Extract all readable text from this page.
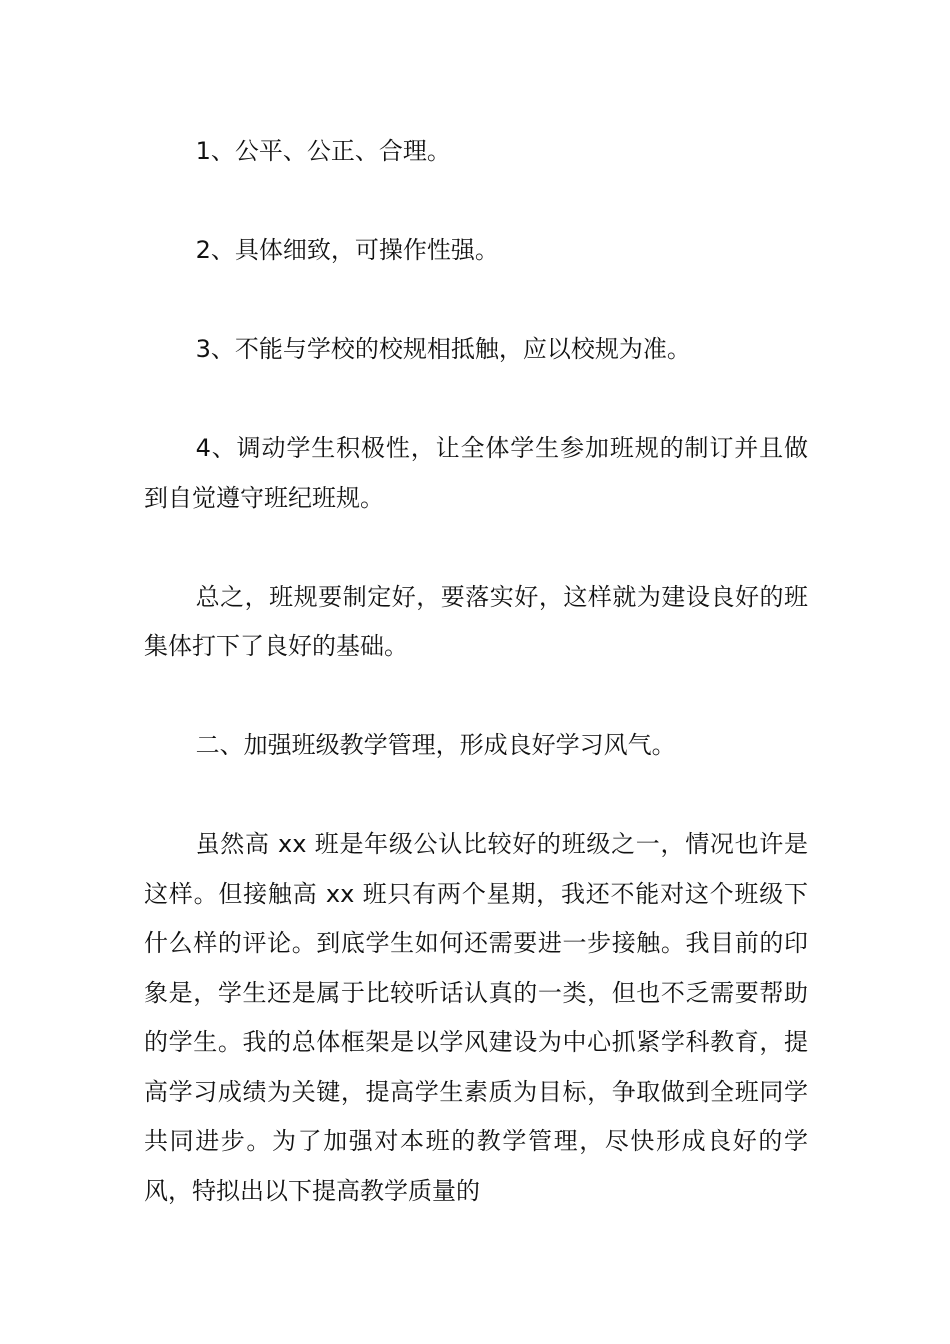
1、公平、公正、合理。

2、具体细致，可操作性强。

3、不能与学校的校规相抵触，应以校规为准。

4、调动学生积极性，让全体学生参加班规的制订并且做到自觉遵守班纪班规。

总之，班规要制定好，要落实好，这样就为建设良好的班集体打下了良好的基础。

二、加强班级教学管理，形成良好学习风气。

虽然高 xx 班是年级公认比较好的班级之一，情况也许是这样。但接触高 xx 班只有两个星期，我还不能对这个班级下什么样的评论。到底学生如何还需要进一步接触。我目前的印象是，学生还是属于比较听话认真的一类，但也不乏需要帮助的学生。我的总体框架是以学风建设为中心抓紧学科教育，提高学习成绩为关键，提高学生素质为目标，争取做到全班同学共同进步。为了加强对本班的教学管理，尽快形成良好的学风，特拟出以下提高教学质量的
